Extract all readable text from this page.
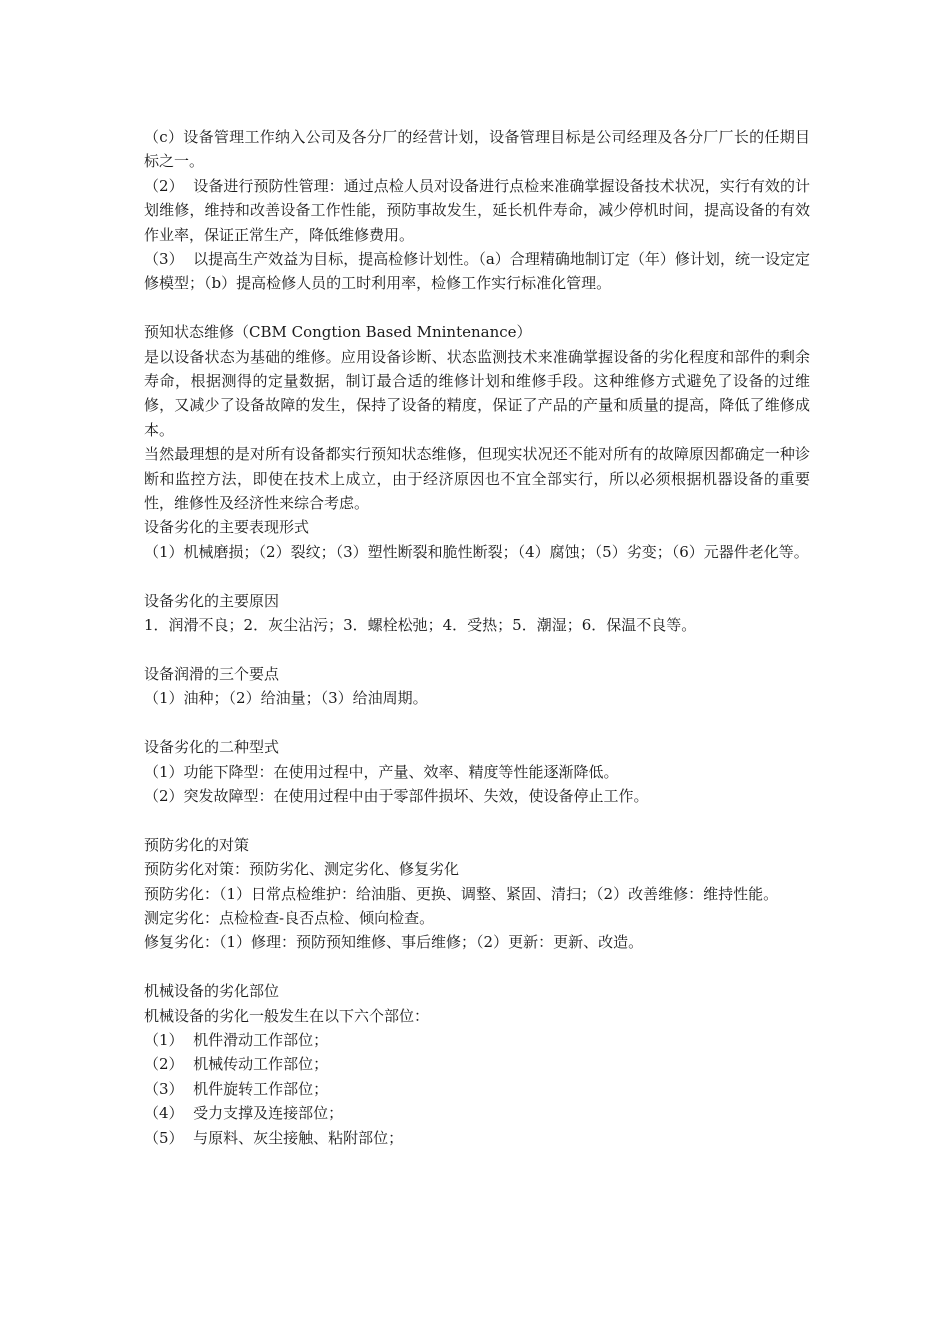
（c）设备管理工作纳入公司及各分厂的经营计划，设备管理目标是公司经理及各分厂厂长的任期目标之一。

（2）  设备进行预防性管理：通过点检人员对设备进行点检来准确掌握设备技术状况，实行有效的计划维修，维持和改善设备工作性能，预防事故发生，延长机件寿命，减少停机时间，提高设备的有效作业率，保证正常生产，降低维修费用。

（3）  以提高生产效益为目标，提高检修计划性。（a）合理精确地制订定（年）修计划，统一设定定修模型；（b）提高检修人员的工时利用率，检修工作实行标准化管理。

预知状态维修（CBM Congtion Based Mnintenance）

是以设备状态为基础的维修。应用设备诊断、状态监测技术来准确掌握设备的劣化程度和部件的剩余寿命，根据测得的定量数据，制订最合适的维修计划和维修手段。这种维修方式避免了设备的过维修，又减少了设备故障的发生，保持了设备的精度，保证了产品的产量和质量的提高，降低了维修成本。

当然最理想的是对所有设备都实行预知状态维修，但现实状况还不能对所有的故障原因都确定一种诊断和监控方法，即使在技术上成立，由于经济原因也不宜全部实行，所以必须根据机器设备的重要性，维修性及经济性来综合考虑。

设备劣化的主要表现形式

（1）机械磨损；（2）裂纹；（3）塑性断裂和脆性断裂；（4）腐蚀；（5）劣变；（6）元器件老化等。

设备劣化的主要原因

1．润滑不良；2．灰尘沾污；3．螺栓松弛；4．受热；5．潮湿；6．保温不良等。

设备润滑的三个要点

（1）油种；（2）给油量；（3）给油周期。

设备劣化的二种型式

（1）功能下降型：在使用过程中，产量、效率、精度等性能逐渐降低。

（2）突发故障型：在使用过程中由于零部件损坏、失效，使设备停止工作。

预防劣化的对策

预防劣化对策：预防劣化、测定劣化、修复劣化

预防劣化：（1）日常点检维护：给油脂、更换、调整、紧固、清扫；（2）改善维修：维持性能。

测定劣化：点检检查-良否点检、倾向检查。

修复劣化：（1）修理：预防预知维修、事后维修；（2）更新：更新、改造。

机械设备的劣化部位

机械设备的劣化一般发生在以下六个部位：

（1）  机件滑动工作部位；

（2）  机械传动工作部位；

（3）  机件旋转工作部位；

（4）  受力支撑及连接部位；

（5）  与原料、灰尘接触、粘附部位；
